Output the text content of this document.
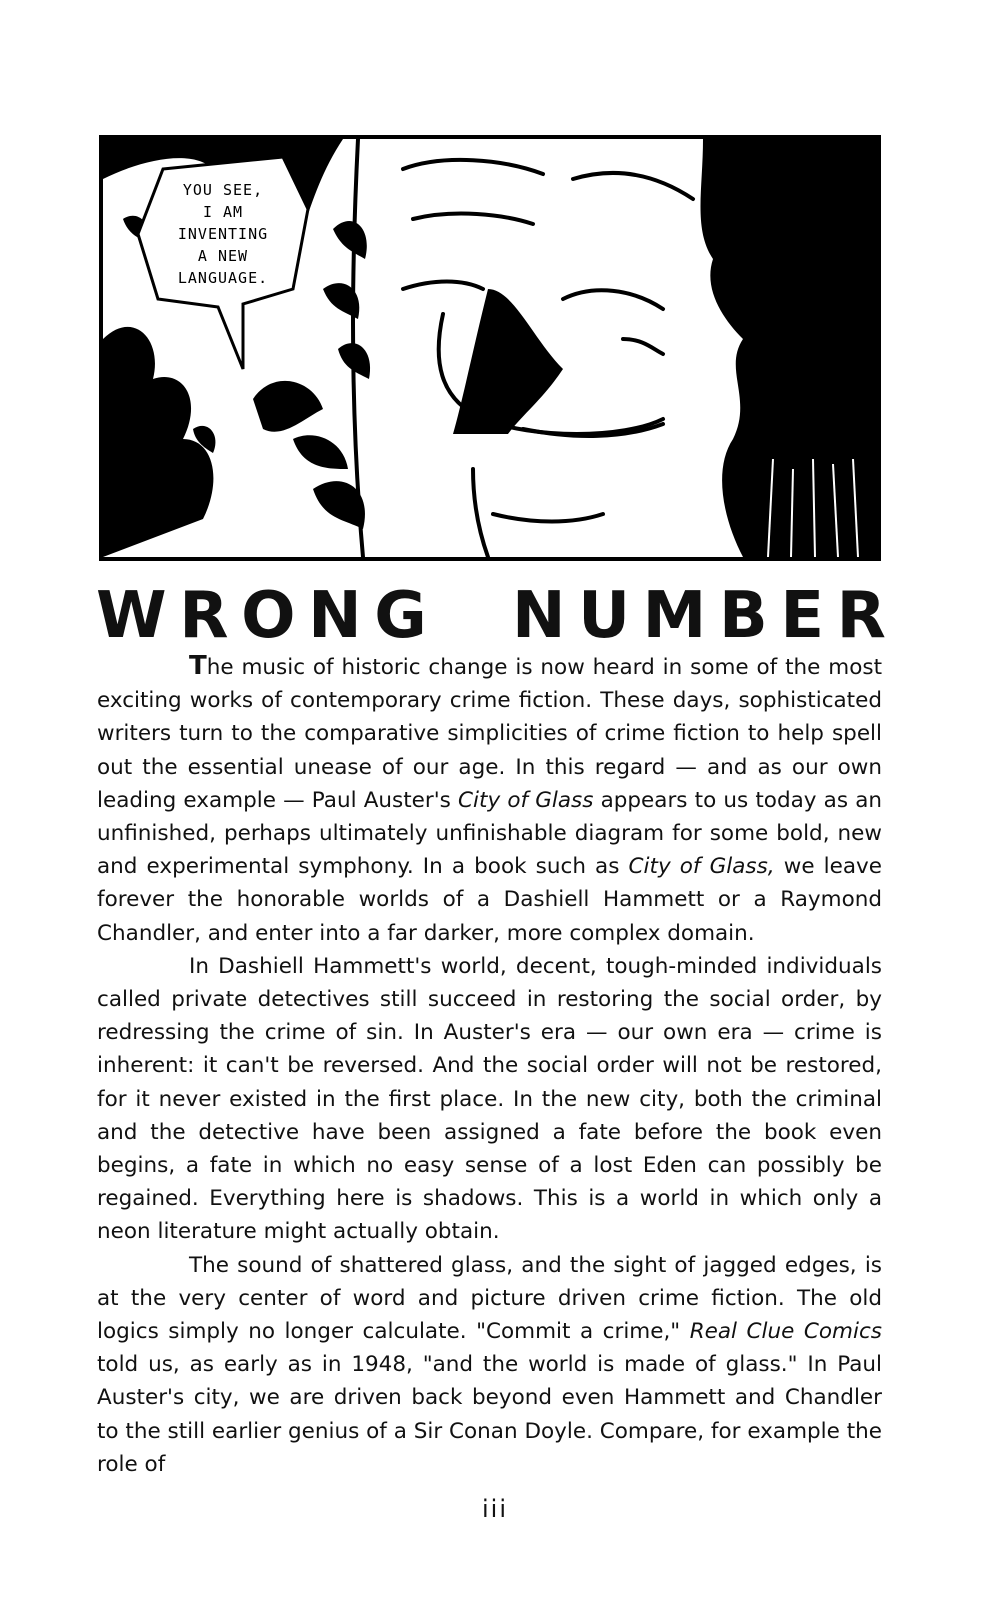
YOU SEE,
I AM
INVENTING
A NEW
LANGUAGE.
W R O N G N U M B E R

The music of historic change is now heard in some of the most exciting works of contemporary crime fiction. These days, sophisticated writers turn to the comparative simplicities of crime fiction to help spell out the essential unease of our age. In this regard — and as our own leading example — Paul Auster's City of Glass appears to us today as an unfinished, perhaps ultimately unfinishable diagram for some bold, new and experimental symphony. In a book such as City of Glass, we leave forever the honorable worlds of a Dashiell Hammett or a Raymond Chandler, and enter into a far darker, more complex domain.

In Dashiell Hammett's world, decent, tough-minded individuals called private detectives still succeed in restoring the social order, by redressing the crime of sin. In Auster's era — our own era — crime is inherent: it can't be reversed. And the social order will not be restored, for it never existed in the first place. In the new city, both the criminal and the detective have been assigned a fate before the book even begins, a fate in which no easy sense of a lost Eden can possibly be regained. Everything here is shadows. This is a world in which only a neon literature might actually obtain.

The sound of shattered glass, and the sight of jagged edges, is at the very center of word and picture driven crime fiction. The old logics simply no longer calculate. "Commit a crime," Real Clue Comics told us, as early as in 1948, "and the world is made of glass." In Paul Auster's city, we are driven back beyond even Hammett and Chandler to the still earlier genius of a Sir Conan Doyle. Compare, for example the role of

iii
